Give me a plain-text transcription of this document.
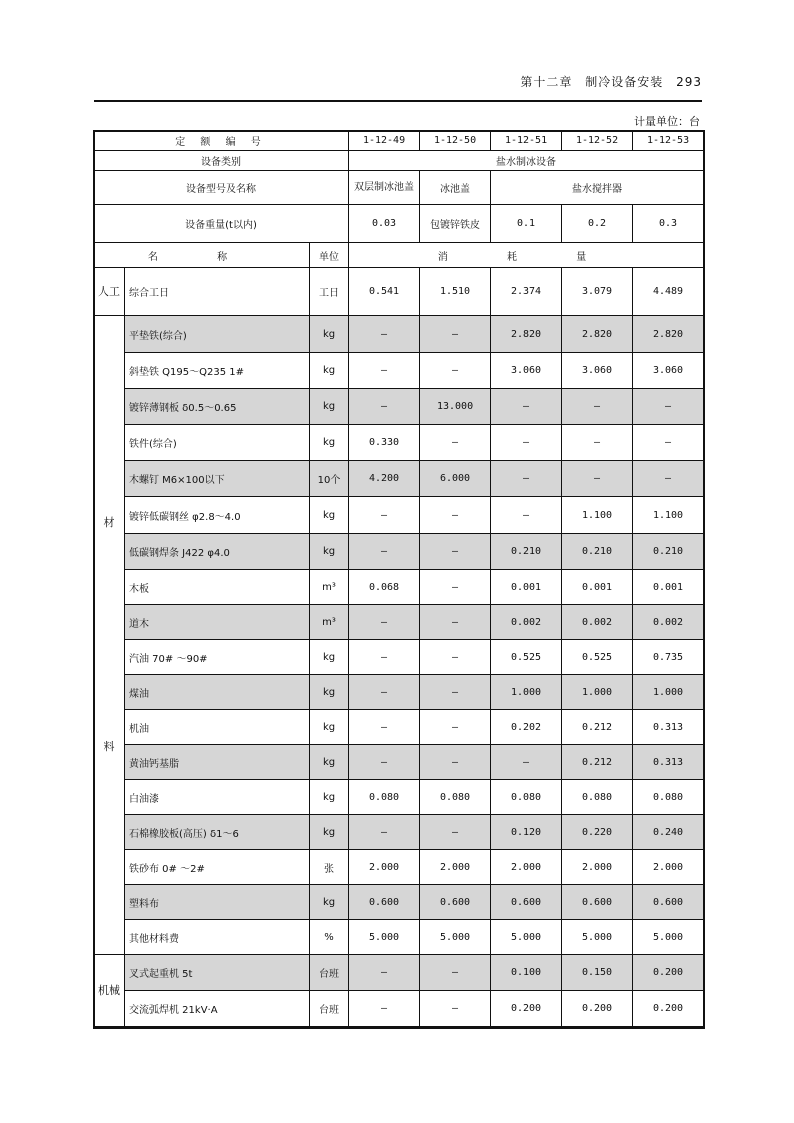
第十二章 制冷设备安装 293
计量单位：台
定 额 编 号			1-12-49	1-12-50	1-12-51	1-12-52	1-12-53
设备类别			盐水制冰设备				
设备型号及名称			双层制冰池盖	冰池盖	盐水搅拌器		
设备重量(t以内)			0.03	包镀锌铁皮	0.1	0.2	0.3
名 称		单位	消 耗 量				
人工	综合工日	工日	0.541	1.510	2.374	3.079	4.489

材
料	平垫铁(综合)	kg	—	—	2.820	2.820	2.820
	斜垫铁 Q195～Q235 1#	kg	—	—	3.060	3.060	3.060
	镀锌薄钢板 δ0.5～0.65	kg	—	13.000	—	—	—
	铁件(综合)	kg	0.330	—	—	—	—
	木螺钉 M6×100以下	10个	4.200	6.000	—	—	—
	镀锌低碳钢丝 φ2.8～4.0	kg	—	—	—	1.100	1.100
	低碳钢焊条 J422 φ4.0	kg	—	—	0.210	0.210	0.210
	木板	m³	0.068	—	0.001	0.001	0.001
	道木	m³	—	—	0.002	0.002	0.002
	汽油 70# ～90#	kg	—	—	0.525	0.525	0.735
	煤油	kg	—	—	1.000	1.000	1.000
	机油	kg	—	—	0.202	0.212	0.313
	黄油钙基脂	kg	—	—	—	0.212	0.313
	白油漆	kg	0.080	0.080	0.080	0.080	0.080
	石棉橡胶板(高压) δ1～6	kg	—	—	0.120	0.220	0.240
	铁砂布 0# ～2#	张	2.000	2.000	2.000	2.000	2.000
	塑料布	kg	0.600	0.600	0.600	0.600	0.600
	其他材料费	%	5.000	5.000	5.000	5.000	5.000
机械	叉式起重机 5t	台班	—	—	0.100	0.150	0.200
	交流弧焊机 21kV·A	台班	—	—	0.200	0.200	0.200
